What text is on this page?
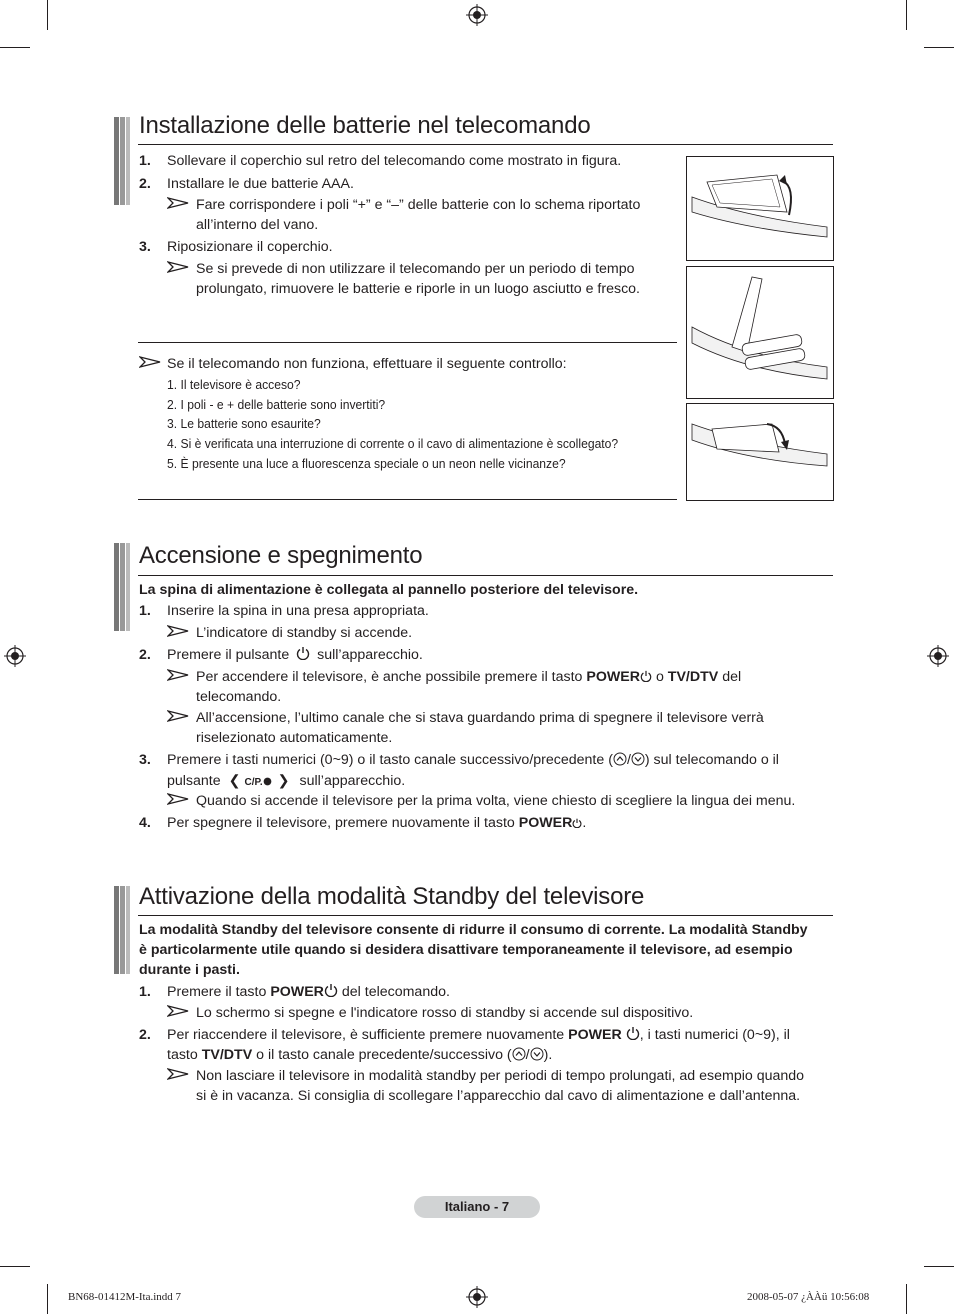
Installazione delle batterie nel telecomando
1. Sollevare il coperchio sul retro del telecomando come mostrato in figura.
2. Installare le due batterie AAA.
Fare corrispondere i poli “+” e “–” delle batterie con lo schema riportato
all’interno del vano.
3. Riposizionare il coperchio.
Se si prevede di non utilizzare il telecomando per un periodo di tempo
prolungato, rimuovere le batterie e riporle in un luogo asciutto e fresco.
Se il telecomando non funziona, effettuare il seguente controllo:
1. Il televisore è acceso?
2. I poli - e + delle batterie sono invertiti?
3. Le batterie sono esaurite?
4. Si è verificata una interruzione di corrente o il cavo di alimentazione è scollegato?
5. È presente una luce a fluorescenza speciale o un neon nelle vicinanze?
Accensione e spegnimento
La spina di alimentazione è collegata al pannello posteriore del televisore.
1. Inserire la spina in una presa appropriata.
L’indicatore di standby si accende.
2. Premere il pulsante sull’apparecchio.
Per accendere il televisore, è anche possibile premere il tasto POWER o TV/DTV del
telecomando.
All’accensione, l’ultimo canale che si stava guardando prima di spegnere il televisore verrà
riselezionato automaticamente.
3. Premere i tasti numerici (0~9) o il tasto canale successivo/precedente ( / ) sul telecomando o il
pulsante ❮ C/P. ❯ sull’apparecchio.
Quando si accende il televisore per la prima volta, viene chiesto di scegliere la lingua dei menu.
4. Per spegnere il televisore, premere nuovamente il tasto POWER .
Attivazione della modalità Standby del televisore
La modalità Standby del televisore consente di ridurre il consumo di corrente. La modalità Standby
è particolarmente utile quando si desidera disattivare temporaneamente il televisore, ad esempio
durante i pasti.
1. Premere il tasto POWER del telecomando.
Lo schermo si spegne e l'indicatore rosso di standby si accende sul dispositivo.
2. Per riaccendere il televisore, è sufficiente premere nuovamente POWER , i tasti numerici (0~9), il
tasto TV/DTV o il tasto canale precedente/successivo ( / ).
Non lasciare il televisore in modalità standby per periodi di tempo prolungati, ad esempio quando
si è in vacanza. Si consiglia di scollegare l’apparecchio dal cavo di alimentazione e dall’antenna.
Italiano - 7
BN68-01412M-Ita.indd 7	2008-05-07 ¿ÀÀü 10:56:08
